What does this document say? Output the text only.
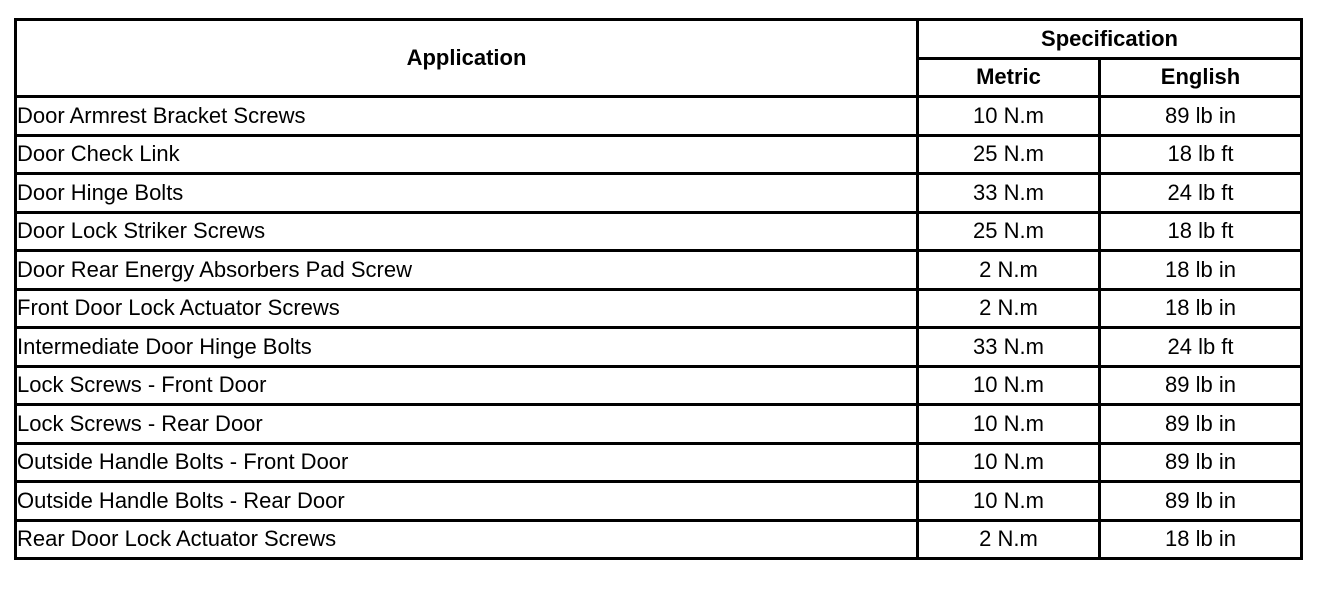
Application	Specification	
	Metric	English
Door Armrest Bracket Screws	10 N.m	89 lb in
Door Check Link	25 N.m	18 lb ft
Door Hinge Bolts	33 N.m	24 lb ft
Door Lock Striker Screws	25 N.m	18 lb ft
Door Rear Energy Absorbers Pad Screw	2 N.m	18 lb in
Front Door Lock Actuator Screws	2 N.m	18 lb in
Intermediate Door Hinge Bolts	33 N.m	24 lb ft
Lock Screws - Front Door	10 N.m	89 lb in
Lock Screws - Rear Door	10 N.m	89 lb in
Outside Handle Bolts - Front Door	10 N.m	89 lb in
Outside Handle Bolts - Rear Door	10 N.m	89 lb in
Rear Door Lock Actuator Screws	2 N.m	18 lb in
